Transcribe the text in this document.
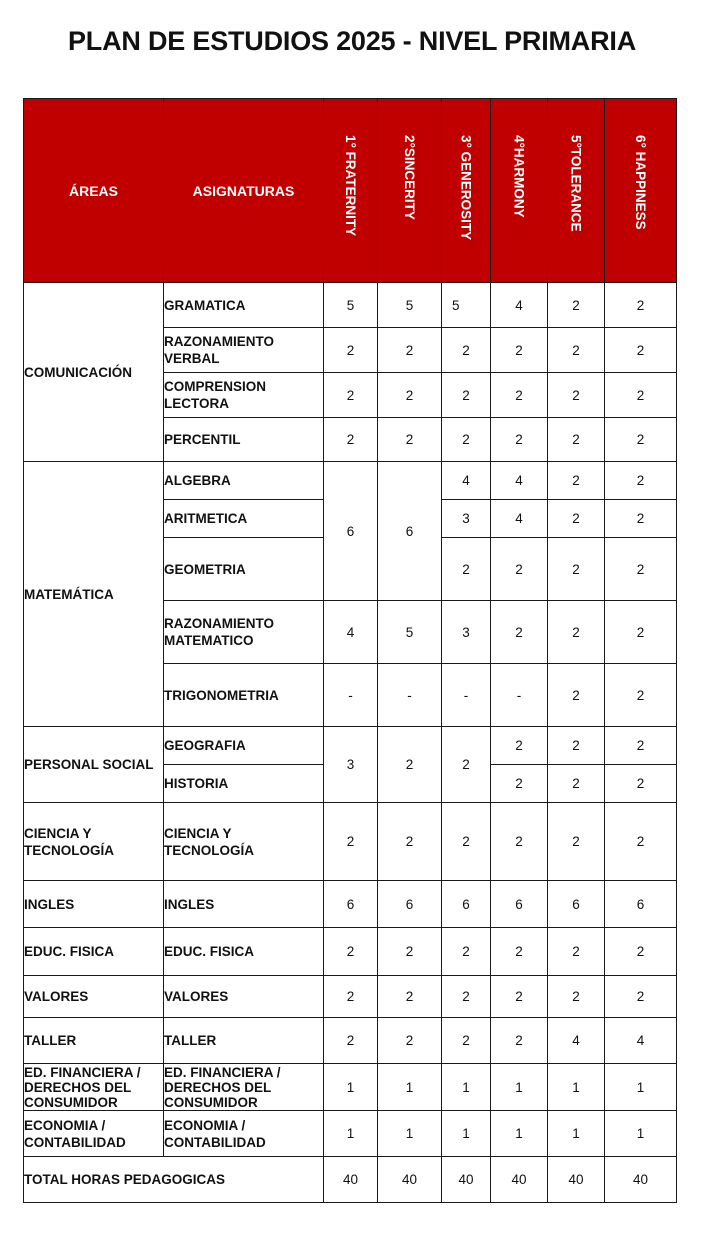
PLAN DE ESTUDIOS 2025 - NIVEL PRIMARIA
ÁREAS	ASIGNATURAS	1° FRATERNITY	2°SINCERITY	3° GENEROSITY	4°HARMONY	5°TOLERANCE	6° HAPPINESS

COMUNICACIÓN	GRAMATICA	5	5	5	4	2	2
	RAZONAMIENTO VERBAL	2	2	2	2	2	2
	COMPRENSION LECTORA	2	2	2	2	2	2
	PERCENTIL	2	2	2	2	2	2
MATEMÁTICA	ALGEBRA	6	6	4	4	2	2
	ARITMETICA			3	4	2	2
	GEOMETRIA			2	2	2	2
	RAZONAMIENTO MATEMATICO	4	5	3	2	2	2
	TRIGONOMETRIA	-	-	-	-	2	2
PERSONAL SOCIAL	GEOGRAFIA	3	2	2	2	2	2
	HISTORIA				2	2	2
CIENCIA Y TECNOLOGÍA	CIENCIA Y TECNOLOGÍA	2	2	2	2	2	2
INGLES	INGLES	6	6	6	6	6	6
EDUC. FISICA	EDUC. FISICA	2	2	2	2	2	2
VALORES	VALORES	2	2	2	2	2	2
TALLER	TALLER	2	2	2	2	4	4
ED. FINANCIERA / DERECHOS DEL CONSUMIDOR	ED. FINANCIERA / DERECHOS DEL CONSUMIDOR	1	1	1	1	1	1
ECONOMIA / CONTABILIDAD	ECONOMIA / CONTABILIDAD	1	1	1	1	1	1
TOTAL HORAS PEDAGOGICAS		40	40	40	40	40	40
